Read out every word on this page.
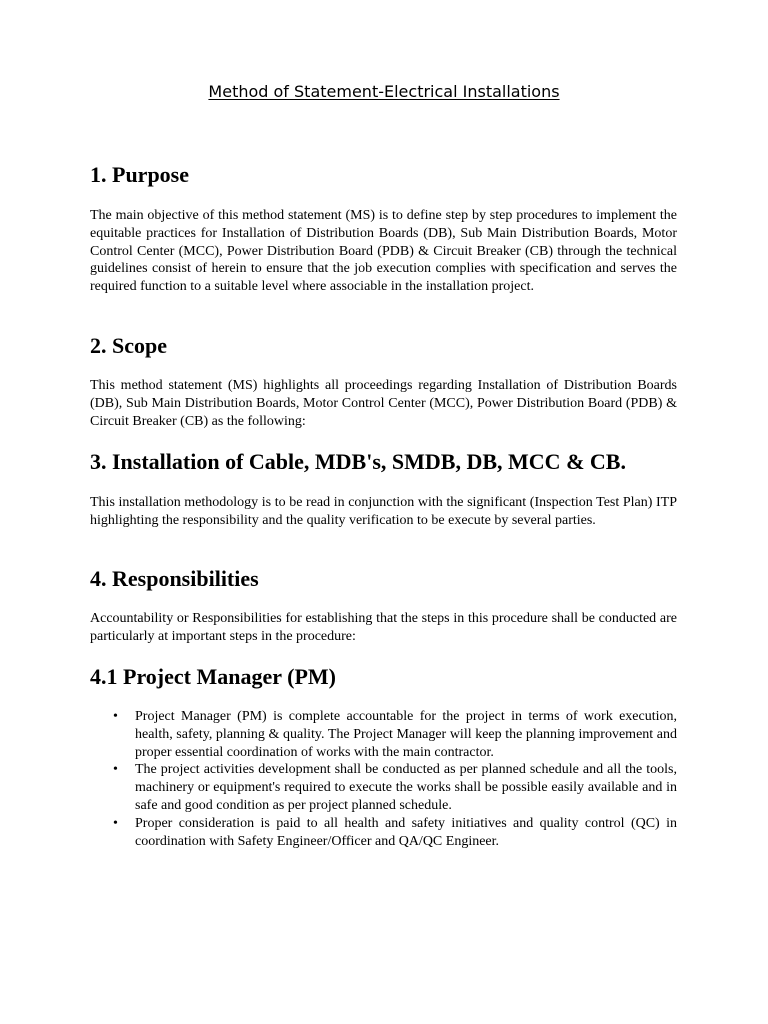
Method of Statement-Electrical Installations
1. Purpose

The main objective of this method statement (MS) is to define step by step procedures to implement the equitable practices for Installation of Distribution Boards (DB), Sub Main Distribution Boards, Motor Control Center (MCC), Power Distribution Board (PDB) & Circuit Breaker (CB) through the technical guidelines consist of herein to ensure that the job execution complies with specification and serves the required function to a suitable level where associable in the installation project.

2. Scope

This method statement (MS) highlights all proceedings regarding Installation of Distribution Boards (DB), Sub Main Distribution Boards, Motor Control Center (MCC), Power Distribution Board (PDB) & Circuit Breaker (CB) as the following:

3. Installation of Cable, MDB's, SMDB, DB, MCC & CB.

This installation methodology is to be read in conjunction with the significant (Inspection Test Plan) ITP highlighting the responsibility and the quality verification to be execute by several parties.

4. Responsibilities

Accountability or Responsibilities for establishing that the steps in this procedure shall be conducted are particularly at important steps in the procedure:

4.1 Project Manager (PM)
• Project Manager (PM) is complete accountable for the project in terms of work execution, health, safety, planning & quality. The Project Manager will keep the planning improvement and proper essential coordination of works with the main contractor.
• The project activities development shall be conducted as per planned schedule and all the tools, machinery or equipment's required to execute the works shall be possible easily available and in safe and good condition as per project planned schedule.
• Proper consideration is paid to all health and safety initiatives and quality control (QC) in coordination with Safety Engineer/Officer and QA/QC Engineer.
